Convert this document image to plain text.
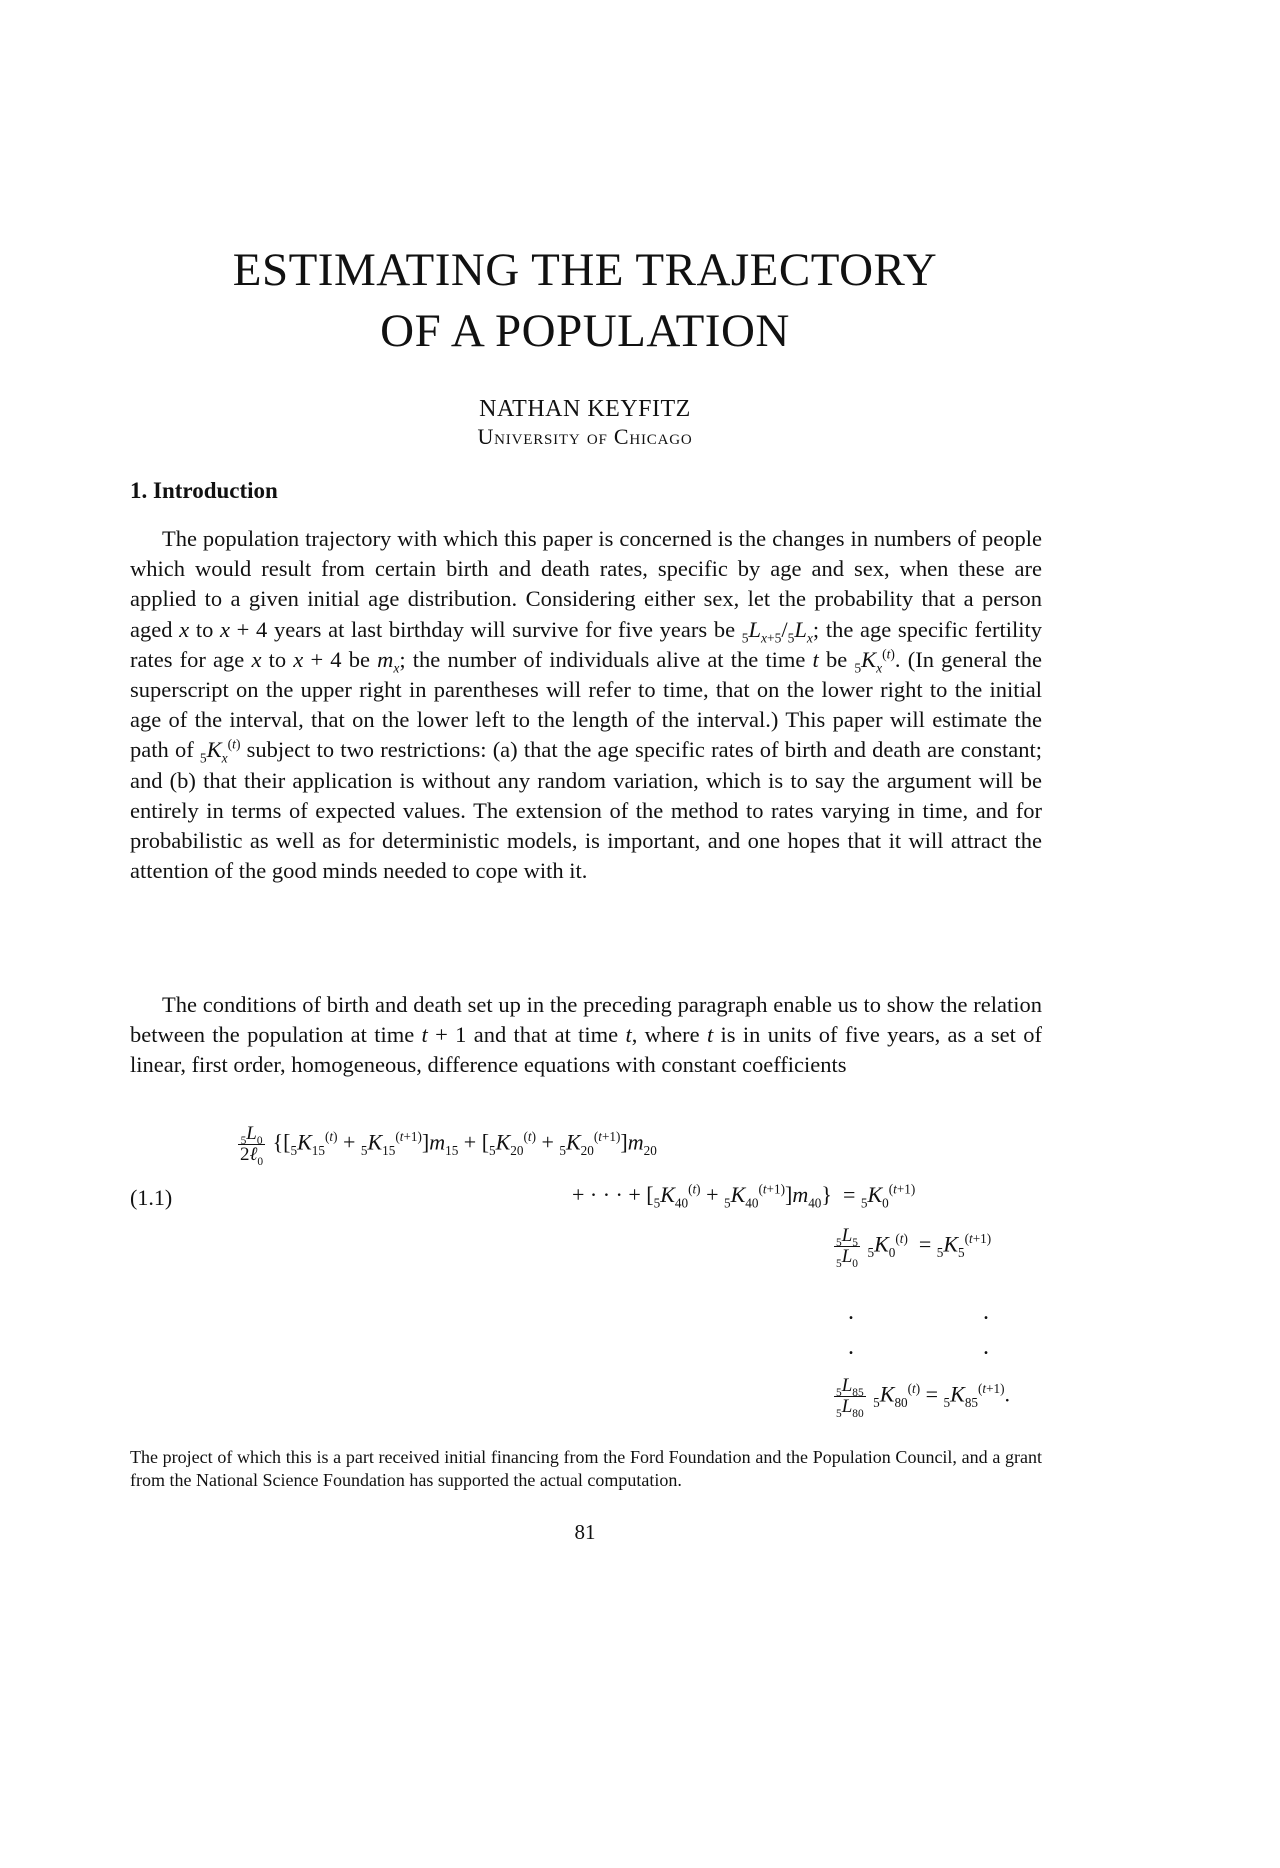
ESTIMATING THE TRAJECTORY
OF A POPULATION
NATHAN KEYFITZ
University of Chicago
1. Introduction

The population trajectory with which this paper is concerned is the changes in numbers of people which would result from certain birth and death rates, specific by age and sex, when these are applied to a given initial age distribution. Considering either sex, let the probability that a person aged x to x + 4 years at last birthday will survive for five years be $_5L_{x+5}/_5L_x$; the age specific fertility rates for age x to x + 4 be $m_x$; the number of individuals alive at the time t be $_5K_x^{(t)}$. (In general the superscript on the upper right in parentheses will refer to time, that on the lower right to the initial age of the interval, that on the lower left to the length of the interval.) This paper will estimate the path of $_5K_x^{(t)}$ subject to two restrictions: (a) that the age specific rates of birth and death are constant; and (b) that their application is without any random variation, which is to say the argument will be entirely in terms of expected values. The extension of the method to rates varying in time, and for probabilistic as well as for deterministic models, is important, and one hopes that it will attract the attention of the good minds needed to cope with it.

The conditions of birth and death set up in the preceding paragraph enable us to show the relation between the population at time t + 1 and that at time t, where t is in units of five years, as a set of linear, first order, homogeneous, difference equations with constant coefficients

(1.1)
$\frac{_5L_0}{2\ell_0} \{[_5K_{15}^{(t)} + _5K_{15}^{(t+1)}]m_{15} + [_5K_{20}^{(t)} + _5K_{20}^{(t+1)}]m_{20}$
+ · · · + $[_5K_{40}^{(t)} + _5K_{40}^{(t+1)}]m_{40}\} = _5K_0^{(t+1)}$
$\frac{_5L_5}{_5L_0} _5K_0^{(t)} = _5K_5^{(t+1)}$
.	.
.	.
$\frac{_5L_{85}}{_5L_{80}} _5K_{80}^{(t)} = _5K_{85}^{(t+1)}$.
The project of which this is a part received initial financing from the Ford Foundation and the Population Council, and a grant from the National Science Foundation has supported the actual computation.
81
